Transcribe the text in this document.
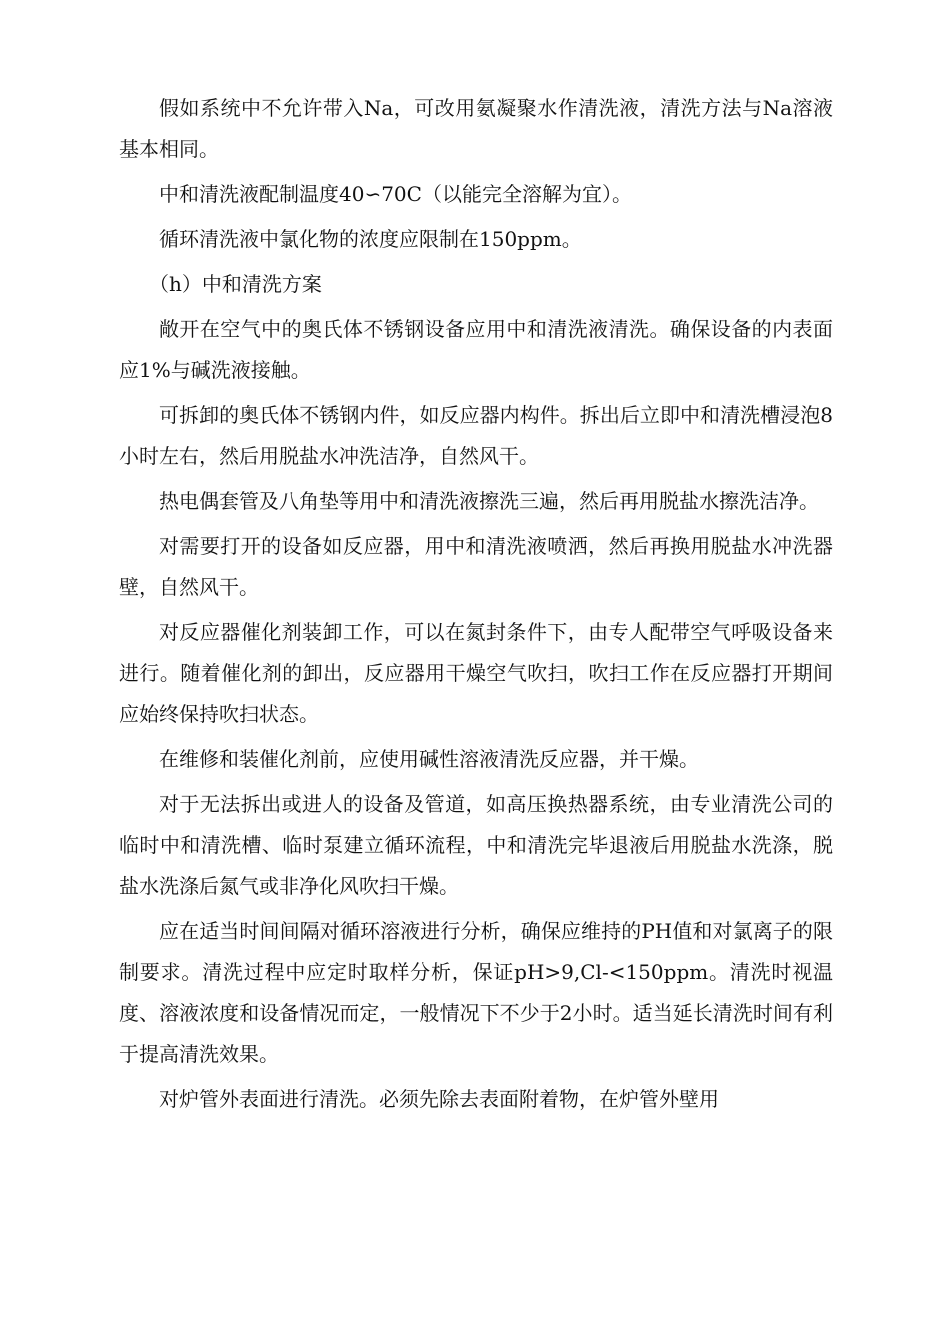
假如系统中不允许带入Na，可改用氨凝聚水作清洗液，清洗方法与Na溶液基本相同。

中和清洗液配制温度40∽70C（以能完全溶解为宜）。

循环清洗液中氯化物的浓度应限制在150ppm。

（h）中和清洗方案

敞开在空气中的奥氏体不锈钢设备应用中和清洗液清洗。确保设备的内表面应1%与碱洗液接触。

可拆卸的奥氏体不锈钢内件，如反应器内构件。拆出后立即中和清洗槽浸泡8小时左右，然后用脱盐水冲洗洁净，自然风干。

热电偶套管及八角垫等用中和清洗液擦洗三遍，然后再用脱盐水擦洗洁净。

对需要打开的设备如反应器，用中和清洗液喷洒，然后再换用脱盐水冲洗器壁，自然风干。

对反应器催化剂装卸工作，可以在氮封条件下，由专人配带空气呼吸设备来进行。随着催化剂的卸出，反应器用干燥空气吹扫，吹扫工作在反应器打开期间应始终保持吹扫状态。

在维修和装催化剂前，应使用碱性溶液清洗反应器，并干燥。

对于无法拆出或进人的设备及管道，如高压换热器系统，由专业清洗公司的临时中和清洗槽、临时泵建立循环流程，中和清洗完毕退液后用脱盐水洗涤，脱盐水洗涤后氮气或非净化风吹扫干燥。

应在适当时间间隔对循环溶液进行分析，确保应维持的PH值和对氯离子的限制要求。清洗过程中应定时取样分析，保证pH>9,Cl-<150ppm。清洗时视温度、溶液浓度和设备情况而定，一般情况下不少于2小时。适当延长清洗时间有利于提高清洗效果。

对炉管外表面进行清洗。必须先除去表面附着物，在炉管外壁用
